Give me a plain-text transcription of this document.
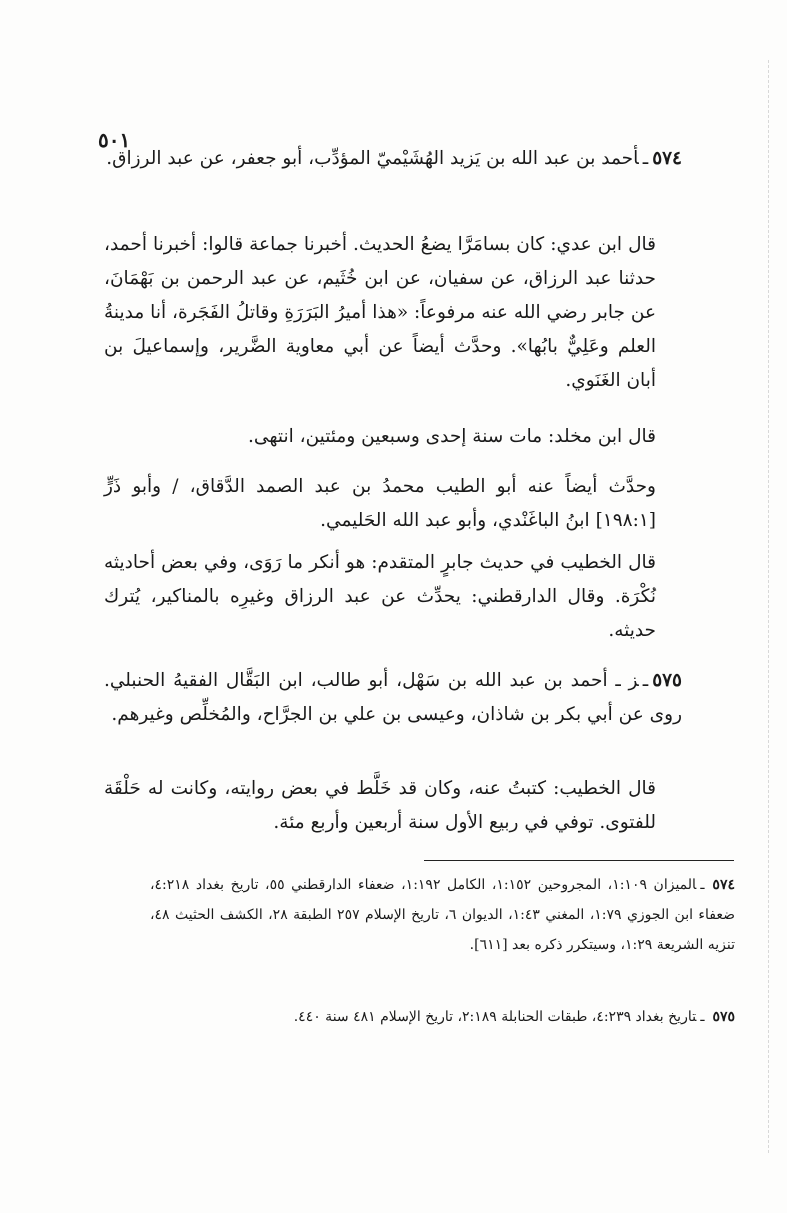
٥٠١
٥٧٤ـأحمد بن عبد الله بن يَزيد الهُشَيْميّ المؤدِّب، أبو جعفر، عن عبد الرزاق.

قال ابن عدي: كان بسامَرَّا يضعُ الحديث. أخبرنا جماعة قالوا: أخبرنا أحمد، حدثنا عبد الرزاق، عن سفيان، عن ابن خُثَيم، عن عبد الرحمن بن بَهْمَانَ، عن جابر رضي الله عنه مرفوعاً: «هذا أميرُ البَرَرَةِ وقاتلُ الفَجَرة، أنا مدينةُ العلم وعَلِيٌّ بابُها». وحدَّث أيضاً عن أبي معاوية الضَّرير، وإسماعيلَ بن أبان الغَنَوي.

قال ابن مخلد: مات سنة إحدى وسبعين ومئتين، انتهى.

وحدَّث أيضاً عنه أبو الطيب محمدُ بن عبد الصمد الدَّقاق، / وأبو ذَرٍّ [١٩٨:١] ابنُ الباغَنْدي، وأبو عبد الله الحَليمي.

قال الخطيب في حديث جابرٍ المتقدم: هو أنكر ما رَوَى، وفي بعض أحاديثه نُكْرَة. وقال الدارقطني: يحدِّث عن عبد الرزاق وغيرِه بالمناكير، يُترك حديثه.

٥٧٥ـز ـ أحمد بن عبد الله بن سَهْل، أبو طالب، ابن البَقَّال الفقيهُ الحنبلي. روى عن أبي بكر بن شاذان، وعيسى بن علي بن الجرَّاح، والمُخلِّص وغيرهم.

قال الخطيب: كتبتُ عنه، وكان قد خَلَّط في بعض روايته، وكانت له حَلْقَة للفتوى. توفي في ربيع الأول سنة أربعين وأربع مئة.

٥٧٤ـالميزان ١:١٠٩، المجروحين ١:١٥٢، الكامل ١:١٩٢، ضعفاء الدارقطني ٥٥، تاريخ بغداد ٤:٢١٨، ضعفاء ابن الجوزي ١:٧٩، المغني ١:٤٣، الديوان ٦، تاريخ الإسلام ٢٥٧ الطبقة ٢٨، الكشف الحثيث ٤٨، تنزيه الشريعة ١:٢٩، وسيتكرر ذكره بعد [٦١١].
٥٧٥ـتاريخ بغداد ٤:٢٣٩، طبقات الحنابلة ٢:١٨٩، تاريخ الإسلام ٤٨١ سنة ٤٤٠.
